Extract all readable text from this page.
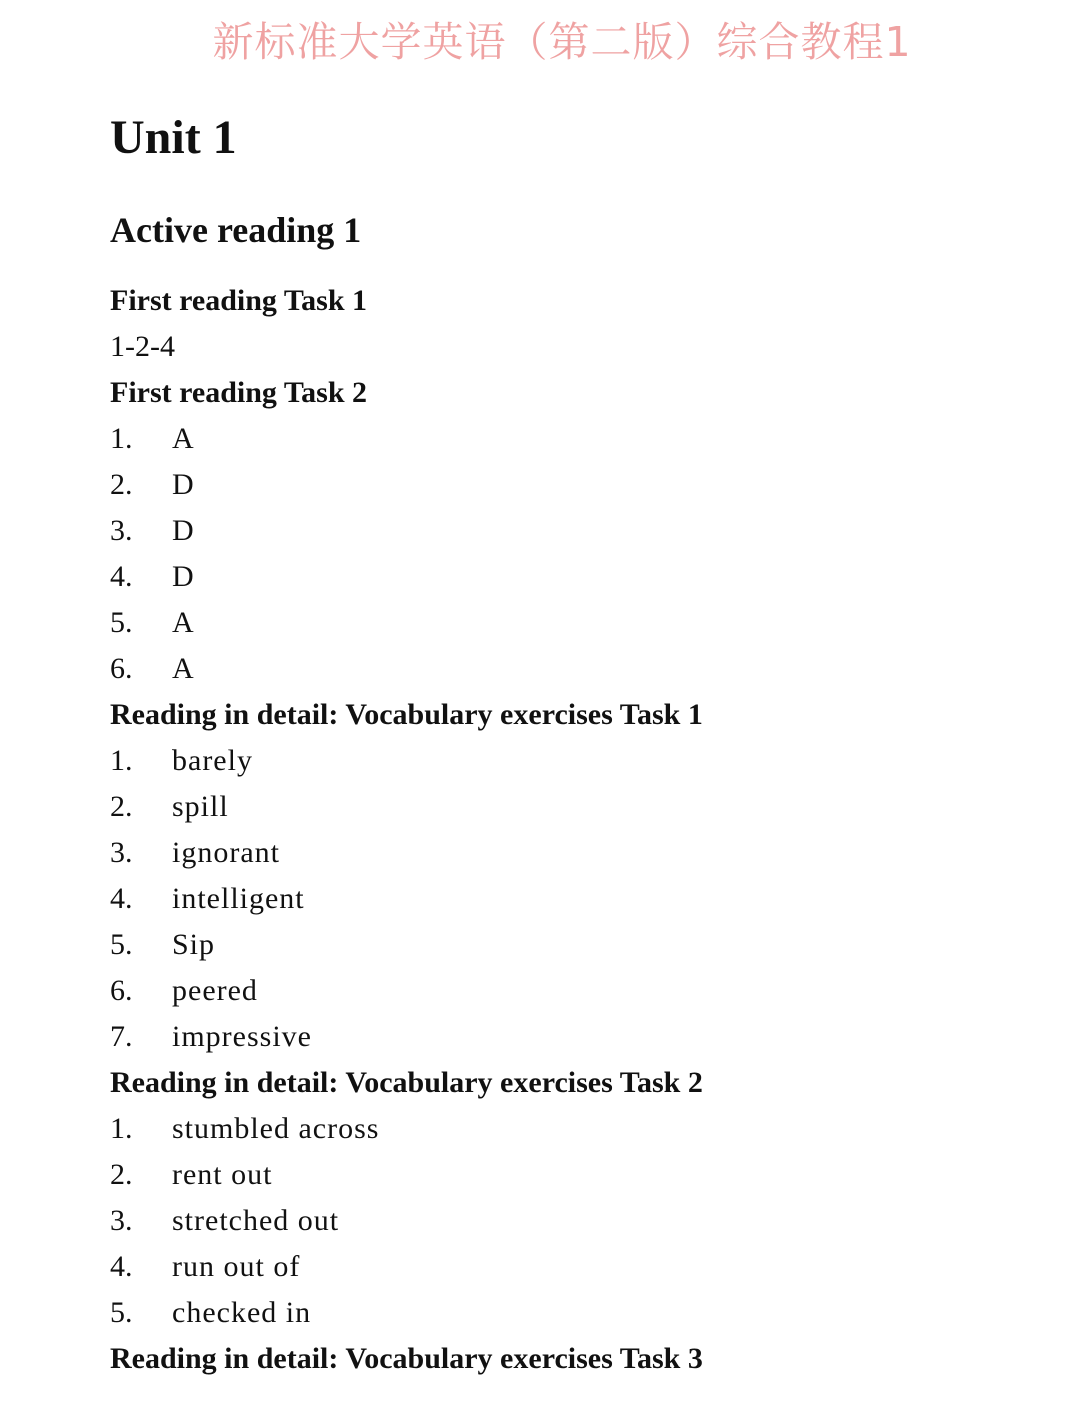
新标准大学英语（第二版）综合教程1
Unit 1
Active reading 1
First reading Task 1
1-2-4
First reading Task 2
1.	A
2.	D
3.	D
4.	D
5.	A
6.	A
Reading in detail: Vocabulary exercises Task 1
1.	barely
2.	spill
3.	ignorant
4.	intelligent
5.	Sip
6.	peered
7.	impressive
Reading in detail: Vocabulary exercises Task 2
1.	stumbled across
2.	rent out
3.	stretched out
4.	run out of
5.	checked in
Reading in detail: Vocabulary exercises Task 3
